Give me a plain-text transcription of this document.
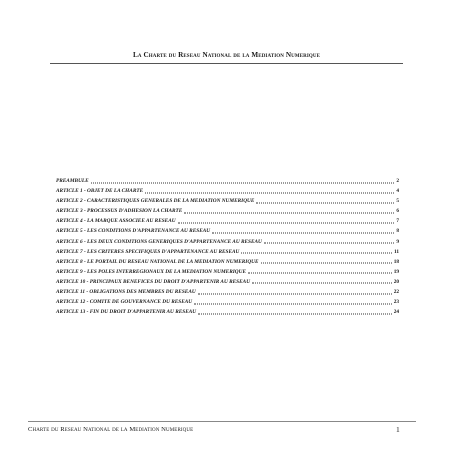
La Charte du Reseau National de la Mediation Numerique
PREAMBULE	2
ARTICLE 1 - OBJET DE LA CHARTE	4
ARTICLE 2 - CARACTERISTIQUES GENERALES DE LA MEDIATION NUMERIQUE	5
ARTICLE 3 - PROCESSUS D'ADHESION LA CHARTE	6
ARTICLE 4 - LA MARQUE ASSOCIEE AU RESEAU	7
ARTICLE 5 - LES CONDITIONS D'APPARTENANCE AU RESEAU	8
ARTICLE 6 - LES DEUX CONDITIONS GENERIQUES D'APPARTENANCE AU RESEAU	9
ARTICLE 7 - LES CRITERES SPECIFIQUES D'APPARTENANCE AU RESEAU	11
ARTICLE 8 - LE PORTAIL DU RESEAU NATIONAL DE LA MEDIATION NUMERIQUE	18
ARTICLE 9 - LES POLES INTERREGIONAUX DE LA MEDIATION NUMERIQUE	19
ARTICLE 10 - PRINCIPAUX BENEFICES DU DROIT D'APPARTENIR AU RESEAU	20
ARTICLE 11 - OBLIGATIONS DES MEMBRES DU RESEAU	22
ARTICLE 12 - COMITE DE GOUVERNANCE DU RESEAU	23
ARTICLE 13 - FIN DU DROIT D'APPARTENIR AU RESEAU	24
Charte du Reseau National de la Mediation Numerique	1
